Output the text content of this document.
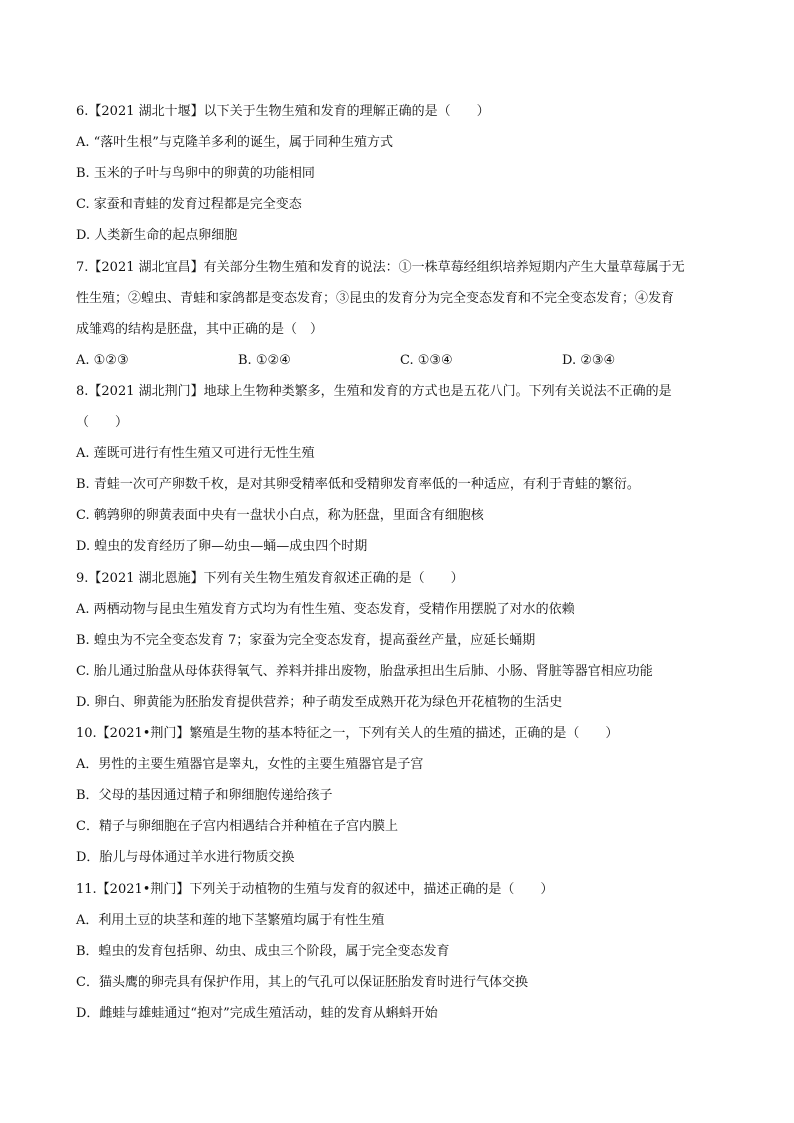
6.【2021 湖北十堰】以下关于生物生殖和发育的理解正确的是（　　）
A. “落叶生根”与克隆羊多利的诞生，属于同种生殖方式
B. 玉米的子叶与鸟卵中的卵黄的功能相同
C. 家蚕和青蛙的发育过程都是完全变态
D. 人类新生命的起点卵细胞
7.【2021 湖北宜昌】有关部分生物生殖和发育的说法：①一株草莓经组织培养短期内产生大量草莓属于无
性生殖；②蝗虫、青蛙和家鸽都是变态发育；③昆虫的发育分为完全变态发育和不完全变态发育；④发育
成雏鸡的结构是胚盘，其中正确的是（　）
A. ①②③	B. ①②④	C. ①③④	D. ②③④
8.【2021 湖北荆门】地球上生物种类繁多，生殖和发育的方式也是五花八门。下列有关说法不正确的是
（　　）
A. 莲既可进行有性生殖又可进行无性生殖
B. 青蛙一次可产卵数千枚，是对其卵受精率低和受精卵发育率低的一种适应，有利于青蛙的繁衍。
C. 鹌鹑卵的卵黄表面中央有一盘状小白点，称为胚盘，里面含有细胞核
D. 蝗虫的发育经历了卵—幼虫—蛹—成虫四个时期
9.【2021 湖北恩施】下列有关生物生殖发育叙述正确的是（　　）
A. 两栖动物与昆虫生殖发育方式均为有性生殖、变态发育，受精作用摆脱了对水的依赖
B. 蝗虫为不完全变态发育 7；家蚕为完全变态发育，提高蚕丝产量，应延长蛹期
C. 胎儿通过胎盘从母体获得氧气、养料并排出废物，胎盘承担出生后肺、小肠、肾脏等器官相应功能
D. 卵白、卵黄能为胚胎发育提供营养；种子萌发至成熟开花为绿色开花植物的生活史
10.【2021•荆门】繁殖是生物的基本特征之一，下列有关人的生殖的描述，正确的是（　　）
A．男性的主要生殖器官是睾丸，女性的主要生殖器官是子宫
B．父母的基因通过精子和卵细胞传递给孩子
C．精子与卵细胞在子宫内相遇结合并种植在子宫内膜上
D．胎儿与母体通过羊水进行物质交换
11.【2021•荆门】下列关于动植物的生殖与发育的叙述中，描述正确的是（　　）
A．利用土豆的块茎和莲的地下茎繁殖均属于有性生殖
B．蝗虫的发育包括卵、幼虫、成虫三个阶段，属于完全变态发育
C．猫头鹰的卵壳具有保护作用，其上的气孔可以保证胚胎发育时进行气体交换
D．雌蛙与雄蛙通过“抱对”完成生殖活动，蛙的发育从蝌蚪开始
